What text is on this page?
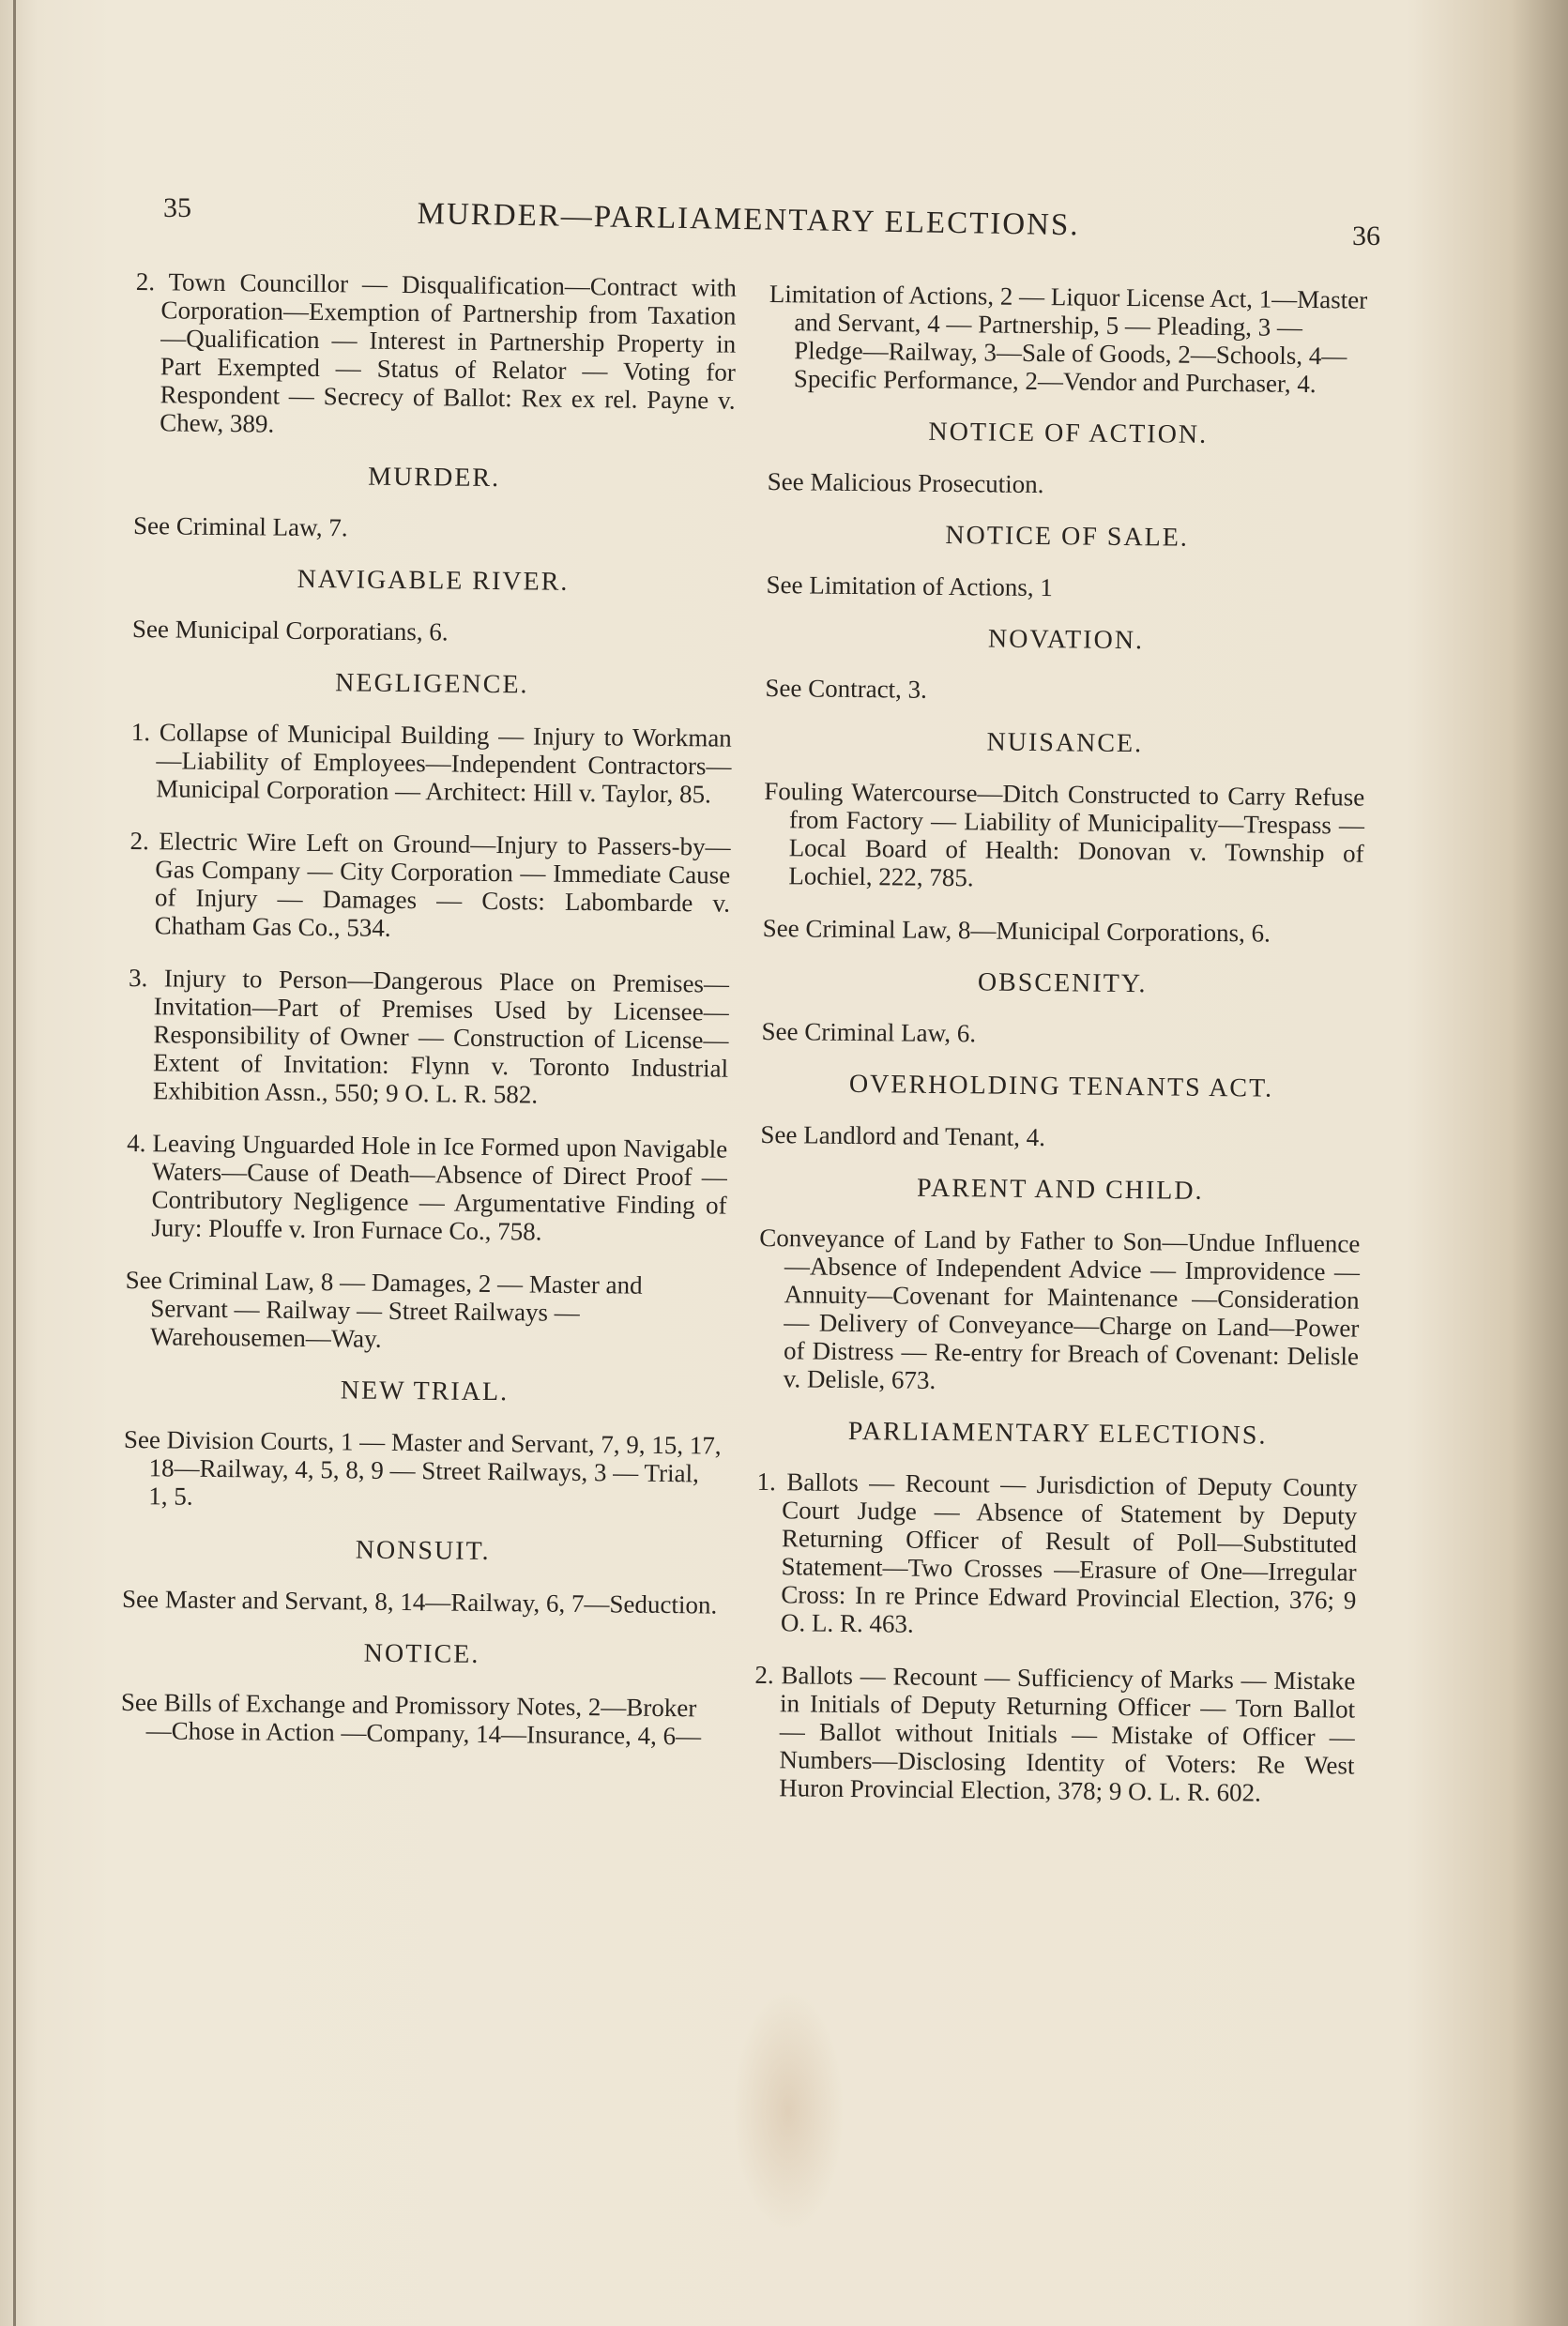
35	MURDER—PARLIAMENTARY ELECTIONS.	36
2. Town Councillor — Disqualification—Contract with Corporation—Exemption of Partnership from Taxation—Qualification — Interest in Partnership Property in Part Exempted — Status of Relator — Voting for Respondent — Secrecy of Ballot: Rex ex rel. Payne v. Chew, 389.
MURDER.
See Criminal Law, 7.
NAVIGABLE RIVER.
See Municipal Corporatians, 6.
NEGLIGENCE.
1. Collapse of Municipal Building — Injury to Workman—Liability of Employees—Independent Contractors—Municipal Corporation — Architect: Hill v. Taylor, 85.
2. Electric Wire Left on Ground—Injury to Passers-by—Gas Company — City Corporation — Immediate Cause of Injury — Damages — Costs: Labombarde v. Chatham Gas Co., 534.
3. Injury to Person—Dangerous Place on Premises—Invitation—Part of Premises Used by Licensee—Responsibility of Owner — Construction of License—Extent of Invitation: Flynn v. Toronto Industrial Exhibition Assn., 550; 9 O. L. R. 582.
4. Leaving Unguarded Hole in Ice Formed upon Navigable Waters—Cause of Death—Absence of Direct Proof — Contributory Negligence — Argumentative Finding of Jury: Plouffe v. Iron Furnace Co., 758.
See Criminal Law, 8 — Damages, 2 — Master and Servant — Railway — Street Railways — Warehousemen—Way.
NEW TRIAL.
See Division Courts, 1 — Master and Servant, 7, 9, 15, 17, 18—Railway, 4, 5, 8, 9 — Street Railways, 3 — Trial, 1, 5.
NONSUIT.
See Master and Servant, 8, 14—Railway, 6, 7—Seduction.
NOTICE.
See Bills of Exchange and Promissory Notes, 2—Broker—Chose in Action —Company, 14—Insurance, 4, 6—
Limitation of Actions, 2 — Liquor License Act, 1—Master and Servant, 4 — Partnership, 5 — Pleading, 3 — Pledge—Railway, 3—Sale of Goods, 2—Schools, 4—Specific Performance, 2—Vendor and Purchaser, 4.
NOTICE OF ACTION.
See Malicious Prosecution.
NOTICE OF SALE.
See Limitation of Actions, 1
NOVATION.
See Contract, 3.
NUISANCE.
Fouling Watercourse—Ditch Constructed to Carry Refuse from Factory — Liability of Municipality—Trespass —Local Board of Health: Donovan v. Township of Lochiel, 222, 785.
See Criminal Law, 8—Municipal Corporations, 6.
OBSCENITY.
See Criminal Law, 6.
OVERHOLDING TENANTS ACT.
See Landlord and Tenant, 4.
PARENT AND CHILD.
Conveyance of Land by Father to Son—Undue Influence—Absence of Independent Advice — Improvidence — Annuity—Covenant for Maintenance —Consideration — Delivery of Conveyance—Charge on Land—Power of Distress — Re-entry for Breach of Covenant: Delisle v. Delisle, 673.
PARLIAMENTARY ELECTIONS.
1. Ballots — Recount — Jurisdiction of Deputy County Court Judge — Absence of Statement by Deputy Returning Officer of Result of Poll—Substituted Statement—Two Crosses —Erasure of One—Irregular Cross: In re Prince Edward Provincial Election, 376; 9 O. L. R. 463.
2. Ballots — Recount — Sufficiency of Marks — Mistake in Initials of Deputy Returning Officer — Torn Ballot — Ballot without Initials — Mistake of Officer — Numbers—Disclosing Identity of Voters: Re West Huron Provincial Election, 378; 9 O. L. R. 602.
